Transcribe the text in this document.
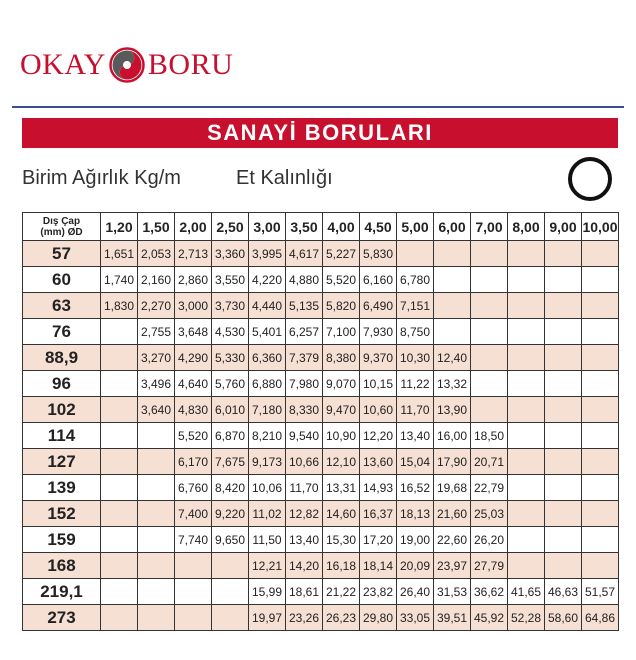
OKAY BORU
SANAYİ BORULARI
Birim Ağırlık Kg/m	Et Kalınlığı
Dış Çap
(mm) ØD	1,20	1,50	2,00	2,50	3,00	3,50	4,00	4,50	5,00	6,00	7,00	8,00	9,00	10,00
57	1,651	2,053	2,713	3,360	3,995	4,617	5,227	5,830						
60	1,740	2,160	2,860	3,550	4,220	4,880	5,520	6,160	6,780					
63	1,830	2,270	3,000	3,730	4,440	5,135	5,820	6,490	7,151					
76		2,755	3,648	4,530	5,401	6,257	7,100	7,930	8,750					
88,9		3,270	4,290	5,330	6,360	7,379	8,380	9,370	10,30	12,40				
96		3,496	4,640	5,760	6,880	7,980	9,070	10,15	11,22	13,32				
102		3,640	4,830	6,010	7,180	8,330	9,470	10,60	11,70	13,90				
114			5,520	6,870	8,210	9,540	10,90	12,20	13,40	16,00	18,50			
127			6,170	7,675	9,173	10,66	12,10	13,60	15,04	17,90	20,71			
139			6,760	8,420	10,06	11,70	13,31	14,93	16,52	19,68	22,79			
152			7,400	9,220	11,02	12,82	14,60	16,37	18,13	21,60	25,03			
159			7,740	9,650	11,50	13,40	15,30	17,20	19,00	22,60	26,20			
168					12,21	14,20	16,18	18,14	20,09	23,97	27,79			
219,1					15,99	18,61	21,22	23,82	26,40	31,53	36,62	41,65	46,63	51,57
273					19,97	23,26	26,23	29,80	33,05	39,51	45,92	52,28	58,60	64,86
